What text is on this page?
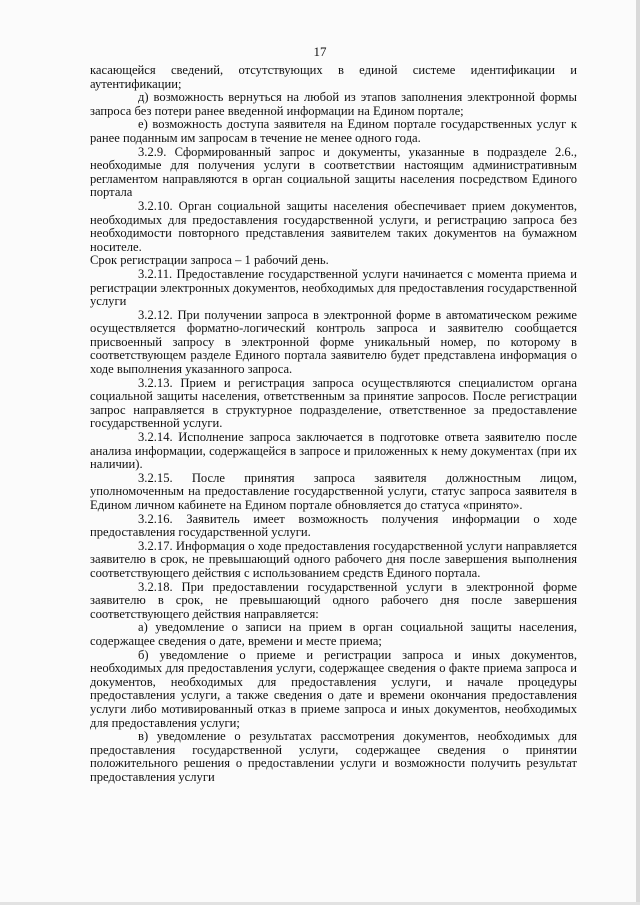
17

касающейся сведений, отсутствующих в единой системе идентификации и аутентификации;

д) возможность вернуться на любой из этапов заполнения электронной формы запроса без потери ранее введенной информации на Едином портале;

е) возможность доступа заявителя на Едином портале государственных услуг к ранее поданным им запросам в течение не менее одного года.

3.2.9. Сформированный запрос и документы, указанные в подразделе 2.6., необходимые для получения услуги в соответствии настоящим административным регламентом направляются в орган социальной защиты населения посредством Единого портала

3.2.10. Орган социальной защиты населения обеспечивает прием документов, необходимых для предоставления государственной услуги, и регистрацию запроса без необходимости повторного представления заявителем таких документов на бумажном носителе.

Срок регистрации запроса – 1 рабочий день.

3.2.11. Предоставление государственной услуги начинается с момента приема и регистрации электронных документов, необходимых для предоставления государственной услуги

3.2.12. При получении запроса в электронной форме в автоматическом режиме осуществляется форматно-логический контроль запроса и заявителю сообщается присвоенный запросу в электронной форме уникальный номер, по которому в соответствующем разделе Единого портала заявителю будет представлена информация о ходе выполнения указанного запроса.

3.2.13. Прием и регистрация запроса осуществляются специалистом органа социальной защиты населения, ответственным за принятие запросов. После регистрации запрос направляется в структурное подразделение, ответственное за предоставление государственной услуги.

3.2.14. Исполнение запроса заключается в подготовке ответа заявителю после анализа информации, содержащейся в запросе и приложенных к нему документах (при их наличии).

3.2.15. После принятия запроса заявителя должностным лицом, уполномоченным на предоставление государственной услуги, статус запроса заявителя в Едином личном кабинете на Едином портале обновляется до статуса «принято».

3.2.16. Заявитель имеет возможность получения информации о ходе предоставления государственной услуги.

3.2.17. Информация о ходе предоставления государственной услуги направляется заявителю в срок, не превышающий одного рабочего дня после завершения выполнения соответствующего действия с использованием средств Единого портала.

3.2.18. При предоставлении государственной услуги в электронной форме заявителю в срок, не превышающий одного рабочего дня после завершения соответствующего действия направляется:

а) уведомление о записи на прием в орган социальной защиты населения, содержащее сведения о дате, времени и месте приема;

б) уведомление о приеме и регистрации запроса и иных документов, необходимых для предоставления услуги, содержащее сведения о факте приема запроса и документов, необходимых для предоставления услуги, и начале процедуры предоставления услуги, а также сведения о дате и времени окончания предоставления услуги либо мотивированный отказ в приеме запроса и иных документов, необходимых для предоставления услуги;

в) уведомление о результатах рассмотрения документов, необходимых для предоставления государственной услуги, содержащее сведения о принятии положительного решения о предоставлении услуги и возможности получить результат предоставления услуги
